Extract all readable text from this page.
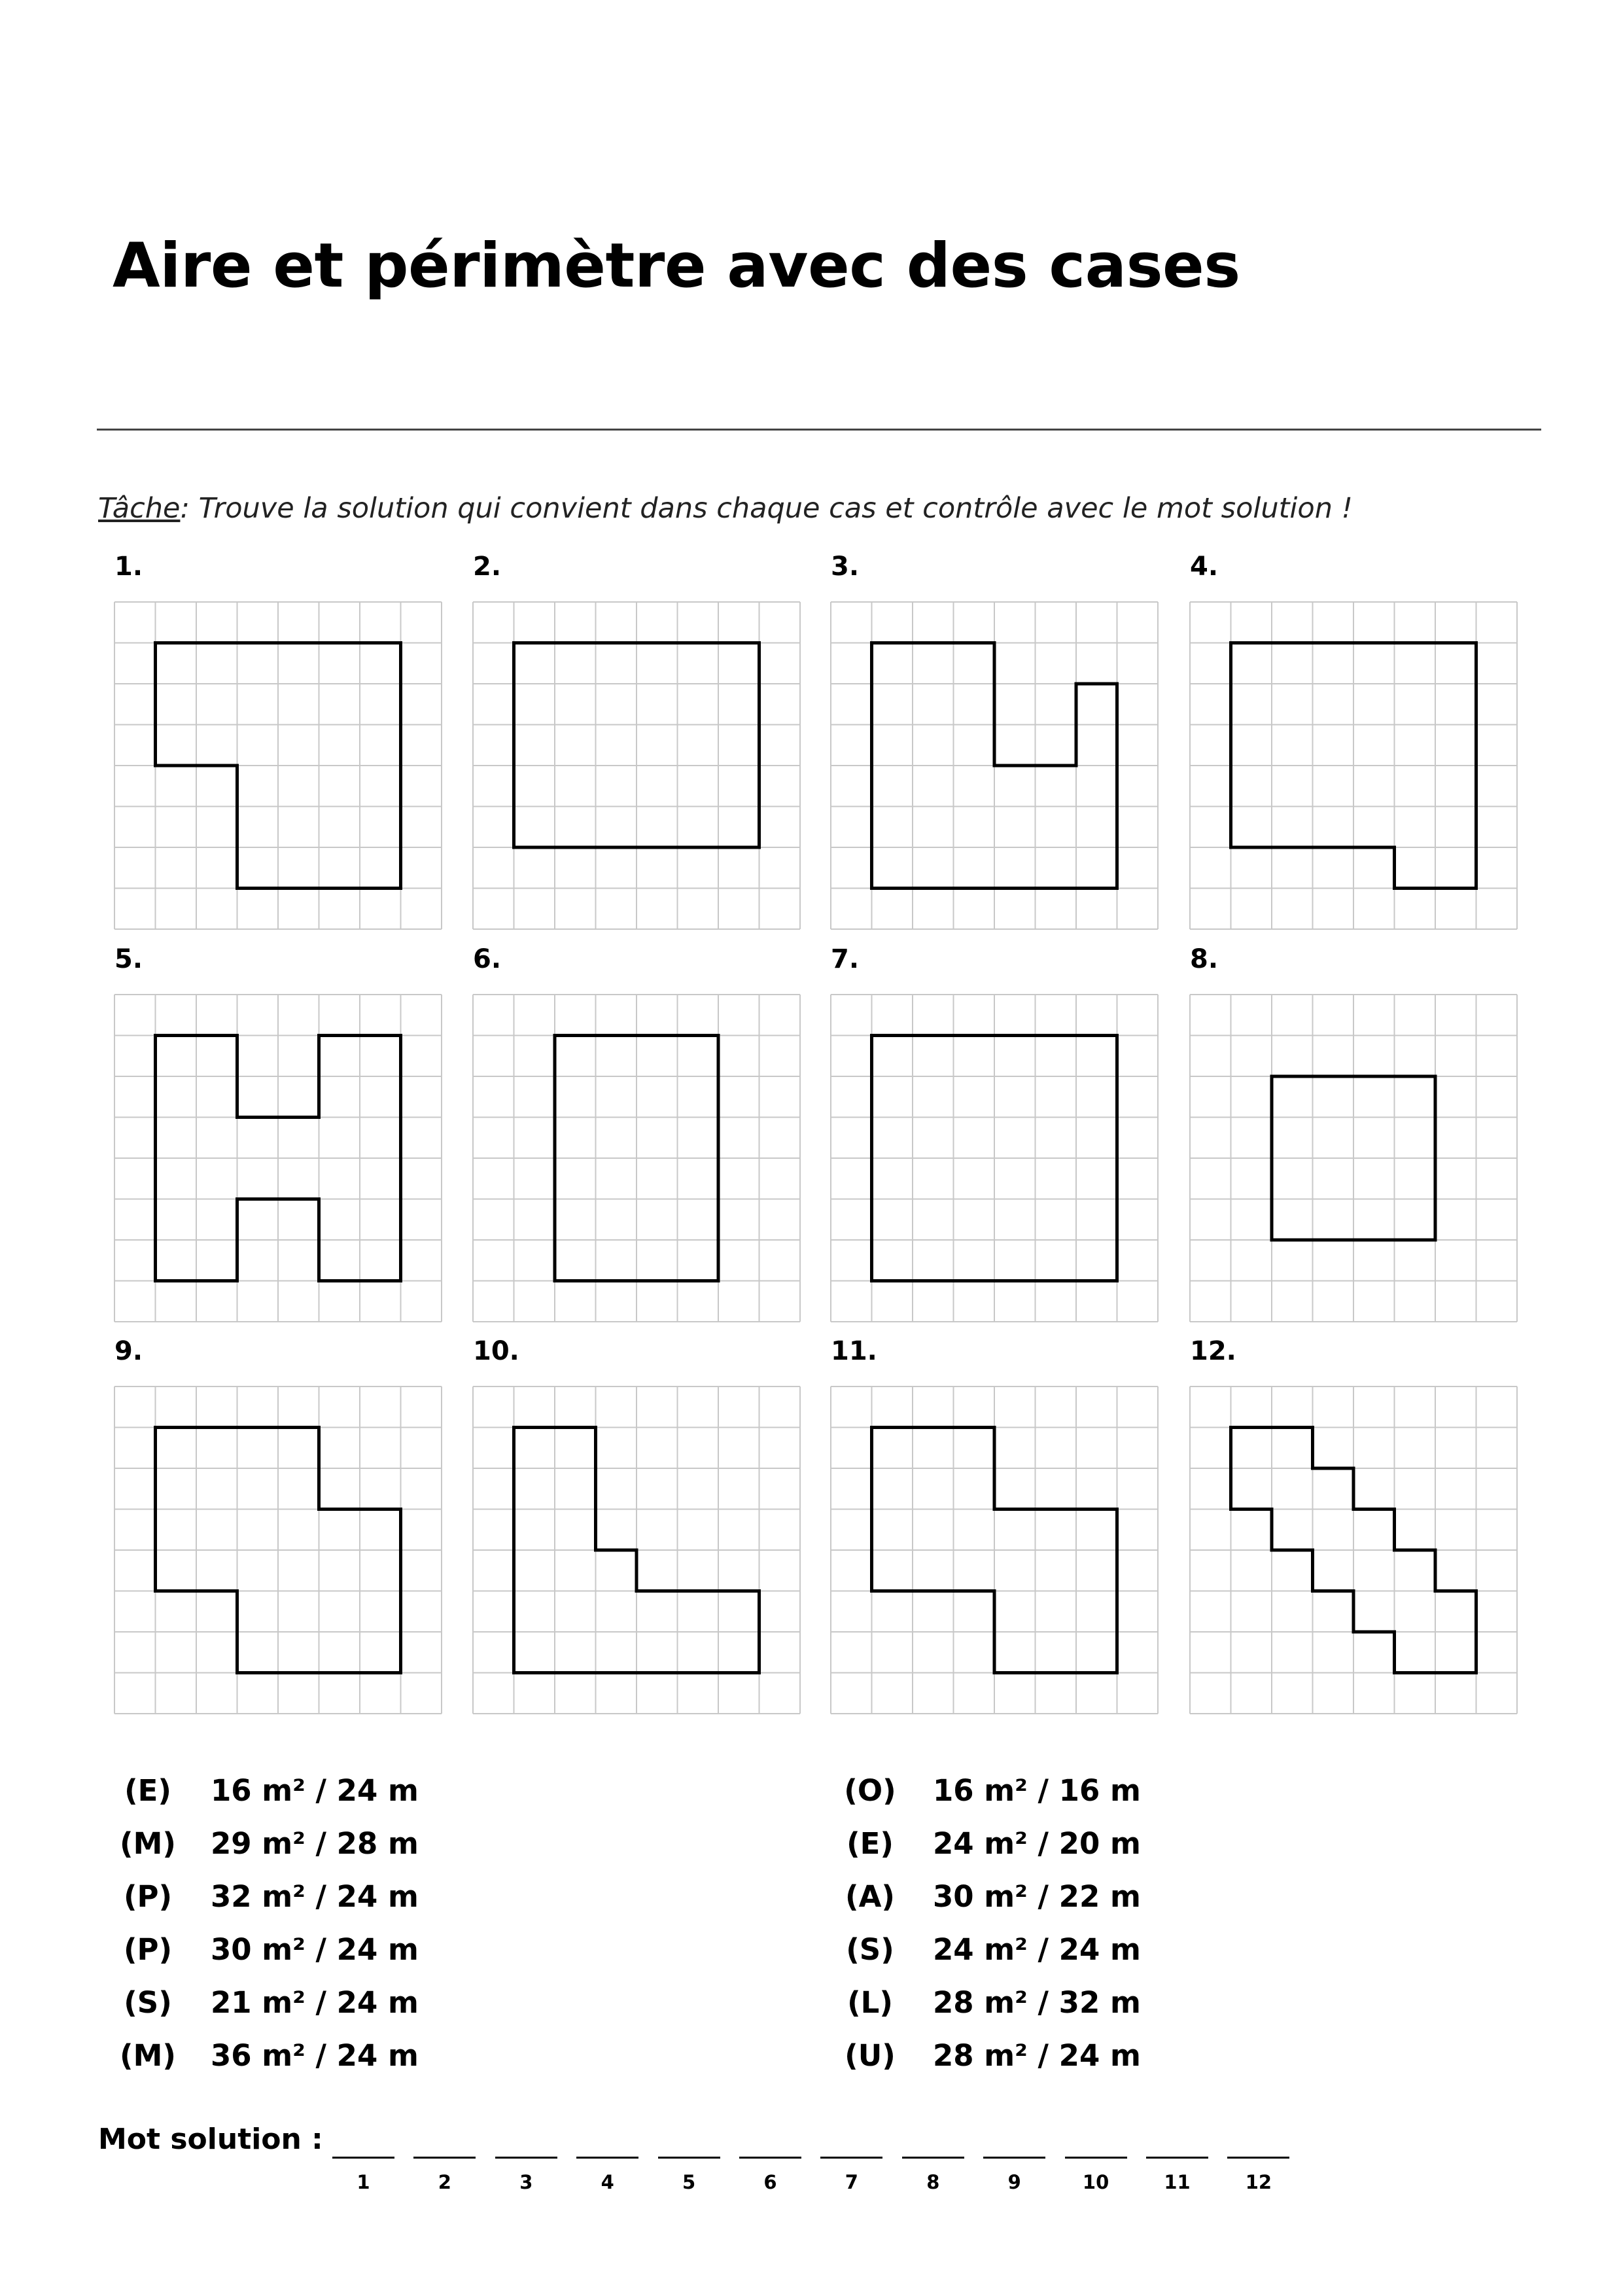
Aire et périmètre avec des cases
Tâche: Trouve la solution qui convient dans chaque cas et contrôle avec le mot solution !
1.	2.	3.	4.
5.	6.	7.	8.
9.	10.	11.	12.
(E)	16 m² / 24 m
(M)	29 m² / 28 m
(P)	32 m² / 24 m
(P)	30 m² / 24 m
(S)	21 m² / 24 m
(M)	36 m² / 24 m
(O)	16 m² / 16 m
(E)	24 m² / 20 m
(A)	30 m² / 22 m
(S)	24 m² / 24 m
(L)	28 m² / 32 m
(U)	28 m² / 24 m
Mot solution :
1	2	3	4	5	6	7	8	9	10	11	12
